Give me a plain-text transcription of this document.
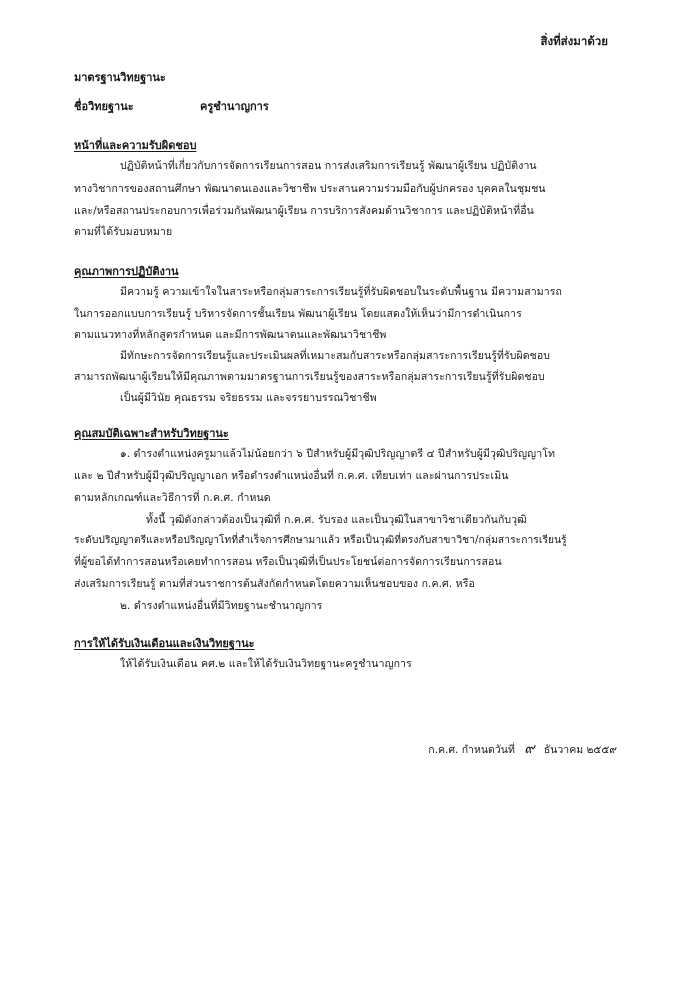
สิ่งที่ส่งมาด้วย
มาตรฐานวิทยฐานะ
ชื่อวิทยฐานะ	ครูชำนาญการ
หน้าที่และความรับผิดชอบ
ปฏิบัติหน้าที่เกี่ยวกับการจัดการเรียนการสอน การส่งเสริมการเรียนรู้ พัฒนาผู้เรียน ปฏิบัติงาน
ทางวิชาการของสถานศึกษา พัฒนาตนเองและวิชาชีพ ประสานความร่วมมือกับผู้ปกครอง บุคคลในชุมชน
และ/หรือสถานประกอบการเพื่อร่วมกันพัฒนาผู้เรียน การบริการสังคมด้านวิชาการ และปฏิบัติหน้าที่อื่น
ตามที่ได้รับมอบหมาย
คุณภาพการปฏิบัติงาน
มีความรู้ ความเข้าใจในสาระหรือกลุ่มสาระการเรียนรู้ที่รับผิดชอบในระดับพื้นฐาน มีความสามารถ
ในการออกแบบการเรียนรู้ บริหารจัดการชั้นเรียน พัฒนาผู้เรียน โดยแสดงให้เห็นว่ามีการดำเนินการ
ตามแนวทางที่หลักสูตรกำหนด และมีการพัฒนาตนและพัฒนาวิชาชีพ
มีทักษะการจัดการเรียนรู้และประเมินผลที่เหมาะสมกับสาระหรือกลุ่มสาระการเรียนรู้ที่รับผิดชอบ
สามารถพัฒนาผู้เรียนให้มีคุณภาพตามมาตรฐานการเรียนรู้ของสาระหรือกลุ่มสาระการเรียนรู้ที่รับผิดชอบ
เป็นผู้มีวินัย คุณธรรม จริยธรรม และจรรยาบรรณวิชาชีพ
คุณสมบัติเฉพาะสำหรับวิทยฐานะ
๑. ดำรงตำแหน่งครูมาแล้วไม่น้อยกว่า ๖ ปีสำหรับผู้มีวุฒิปริญญาตรี ๔ ปีสำหรับผู้มีวุฒิปริญญาโท
และ ๒ ปีสำหรับผู้มีวุฒิปริญญาเอก หรือดำรงตำแหน่งอื่นที่ ก.ค.ศ. เทียบเท่า และผ่านการประเมิน
ตามหลักเกณฑ์และวิธีการที่ ก.ค.ศ. กำหนด
ทั้งนี้ วุฒิดังกล่าวต้องเป็นวุฒิที่ ก.ค.ศ. รับรอง และเป็นวุฒิในสาขาวิชาเดียวกันกับวุฒิ
ระดับปริญญาตรีและหรือปริญญาโทที่สำเร็จการศึกษามาแล้ว หรือเป็นวุฒิที่ตรงกับสาขาวิชา/กลุ่มสาระการเรียนรู้
ที่ผู้ขอได้ทำการสอนหรือเคยทำการสอน หรือเป็นวุฒิที่เป็นประโยชน์ต่อการจัดการเรียนการสอน
ส่งเสริมการเรียนรู้ ตามที่ส่วนราชการต้นสังกัดกำหนดโดยความเห็นชอบของ ก.ค.ศ. หรือ
๒. ดำรงตำแหน่งอื่นที่มีวิทยฐานะชำนาญการ
การให้ได้รับเงินเดือนและเงินวิทยฐานะ
ให้ได้รับเงินเดือน คศ.๒ และให้ได้รับเงินวิทยฐานะครูชำนาญการ
ก.ค.ศ. กำหนดวันที่ ๙ ธันวาคม ๒๕๕๙
